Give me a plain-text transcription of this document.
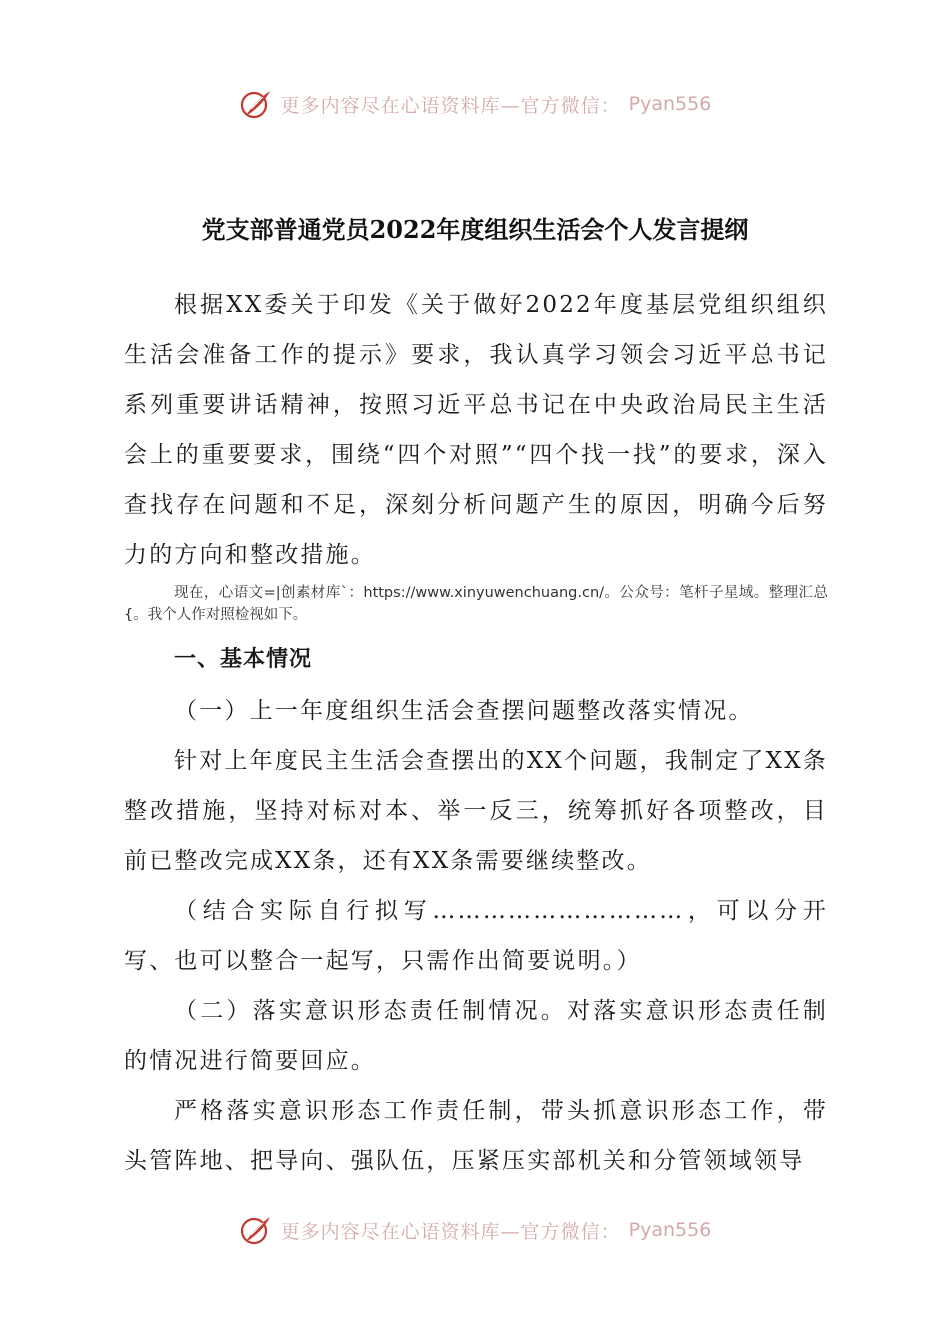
更多内容尽在心语资料库—官方微信： Pyan556
党支部普通党员2022年度组织生活会个人发言提纲

根据XX委关于印发《关于做好2022年度基层党组织组织生活会准备工作的提示》要求，我认真学习领会习近平总书记系列重要讲话精神，按照习近平总书记在中央政治局民主生活会上的重要要求，围绕“四个对照”“四个找一找”的要求，深入查找存在问题和不足，深刻分析问题产生的原因，明确今后努力的方向和整改措施。

现在，心语文=|创素材库`：https://www.xinyuwenchuang.cn/。公众号：笔杆子星域。整理汇总{。我个人作对照检视如下。

一、基本情况

（一）上一年度组织生活会查摆问题整改落实情况。

针对上年度民主生活会查摆出的XX个问题，我制定了XX条整改措施，坚持对标对本、举一反三，统筹抓好各项整改，目前已整改完成XX条，还有XX条需要继续整改。

（结合实际自行拟写…………………………，可以分开写、也可以整合一起写，只需作出简要说明。）

（二）落实意识形态责任制情况。对落实意识形态责任制的情况进行简要回应。

严格落实意识形态工作责任制，带头抓意识形态工作，带头管阵地、把导向、强队伍，压紧压实部机关和分管领域领导

更多内容尽在心语资料库—官方微信： Pyan556
